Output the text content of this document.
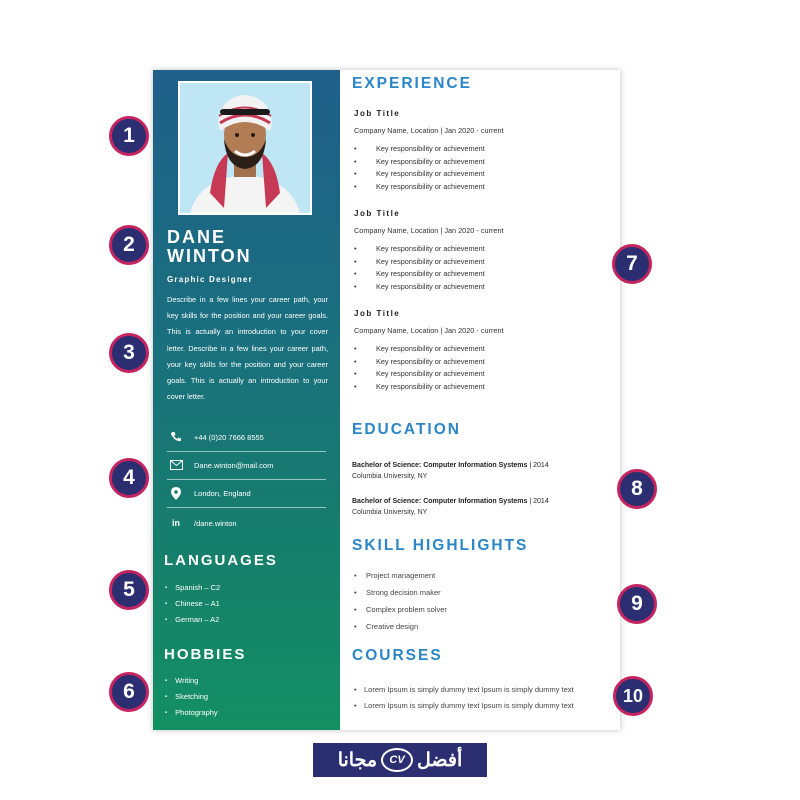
1
2
3
4
5
6
DANE
WINTON
Graphic Designer

Describe in a few lines your career path, your key skills for the position and your career goals. This is actually an introduction to your cover letter. Describe in a few lines your career path, your key skills for the position and your career goals. This is actually an introduction to your cover letter.

+44 (0)20 7666 8555
Dane.winton@mail.com
London, England
in	/dane.winton
LANGUAGES
▪ Spanish – C2
▪ Chinese – A1
▪ German – A2
HOBBIES
▪ Writing
▪ Sketching
▪ Photography
EXPERIENCE
Job Title
Company Name, Location | Jan 2020 - current
• Key responsibility or achievement
• Key responsibility or achievement
• Key responsibility or achievement
• Key responsibility or achievement
Job Title
Company Name, Location | Jan 2020 - current
• Key responsibility or achievement
• Key responsibility or achievement
• Key responsibility or achievement
• Key responsibility or achievement
Job Title
Company Name, Location | Jan 2020 - current
• Key responsibility or achievement
• Key responsibility or achievement
• Key responsibility or achievement
• Key responsibility or achievement
EDUCATION
Bachelor of Science: Computer Information Systems | 2014
Columbia University, NY
Bachelor of Science: Computer Information Systems | 2014
Columbia University, NY
SKILL HIGHLIGHTS
• Project management
• Strong decision maker
• Complex problem solver
• Creative design
COURSES
• Lorem Ipsum is simply dummy text Ipsum is simply dummy text
• Lorem Ipsum is simply dummy text Ipsum is simply dummy text
7
8
9
10
مجانا	CV أفضل
